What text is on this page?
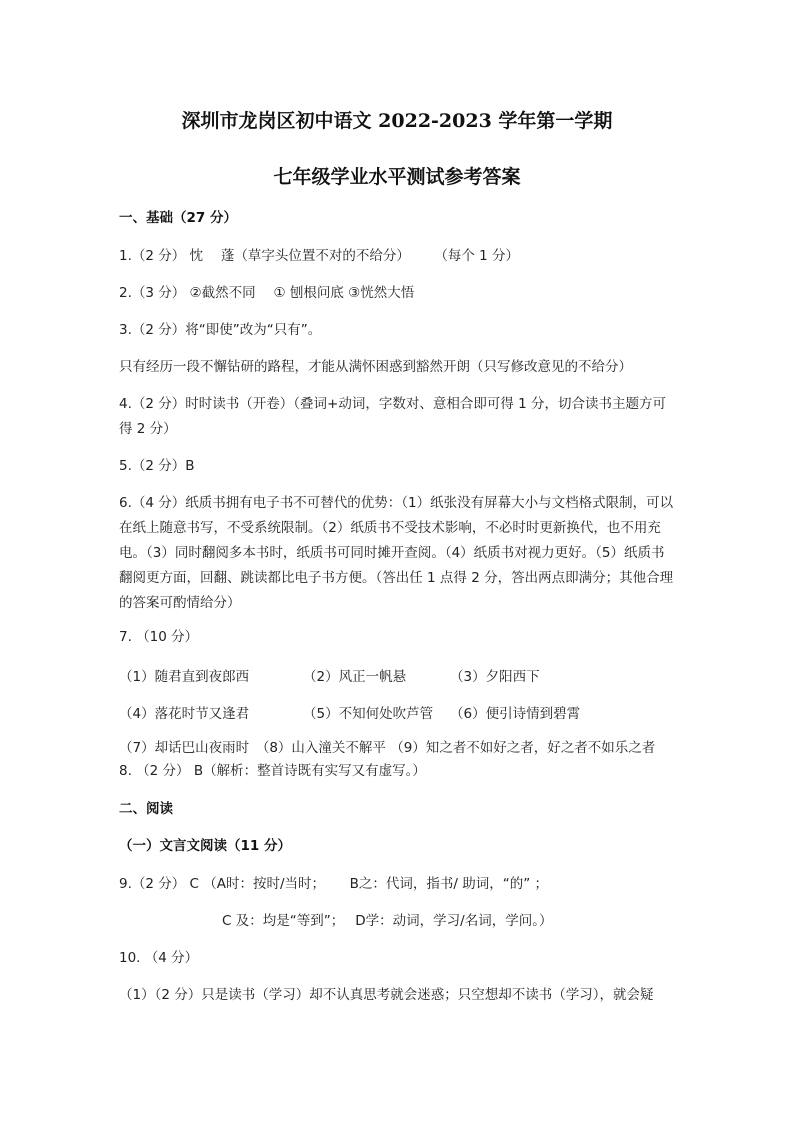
深圳市龙岗区初中语文 2022-2023 学年第一学期
七年级学业水平测试参考答案
一、基础（27 分）
1.（2 分） 忱　 蓬（草字头位置不对的不给分）　　 （每个 1 分）
2.（3 分） ②截然不同　 ① 刨根问底 ③恍然大悟
3.（2 分）将“即使”改为“只有”。
只有经历一段不懈钻研的路程，才能从满怀困惑到豁然开朗（只写修改意见的不给分）
4.（2 分）时时读书（开卷）（叠词+动词，字数对、意相合即可得 1 分，切合读书主题方可得 2 分）
5.（2 分）B
6.（4 分）纸质书拥有电子书不可替代的优势：（1）纸张没有屏幕大小与文档格式限制，可以在纸上随意书写，不受系统限制。（2）纸质书不受技术影响，不必时时更新换代，也不用充电。（3）同时翻阅多本书时，纸质书可同时摊开查阅。（4）纸质书对视力更好。（5）纸质书翻阅更方面，回翻、跳读都比电子书方便。（答出任 1 点得 2 分，答出两点即满分；其他合理的答案可酌情给分）
7. （10 分）
（1）随君直到夜郎西	（2）风正一帆悬	（3）夕阳西下
（4）落花时节又逢君	（5）不知何处吹芦管 （6）便引诗情到碧霄
（7）却话巴山夜雨时　（8）山入潼关不解平 （9）知之者不如好之者，好之者不如乐之者
8. （2 分） B（解析：整首诗既有实写又有虚写。）
二、阅读
（一）文言文阅读（11 分）
9.（2 分） C （A时：按时/当时；　　 B之：代词，指书/ 助词，“的” ；
C 及：均是“等到”；　 D学：动词，学习/名词，学问。）
10. （4 分）
（1）（2 分）只是读书（学习）却不认真思考就会迷惑；只空想却不读书（学习），就会疑
